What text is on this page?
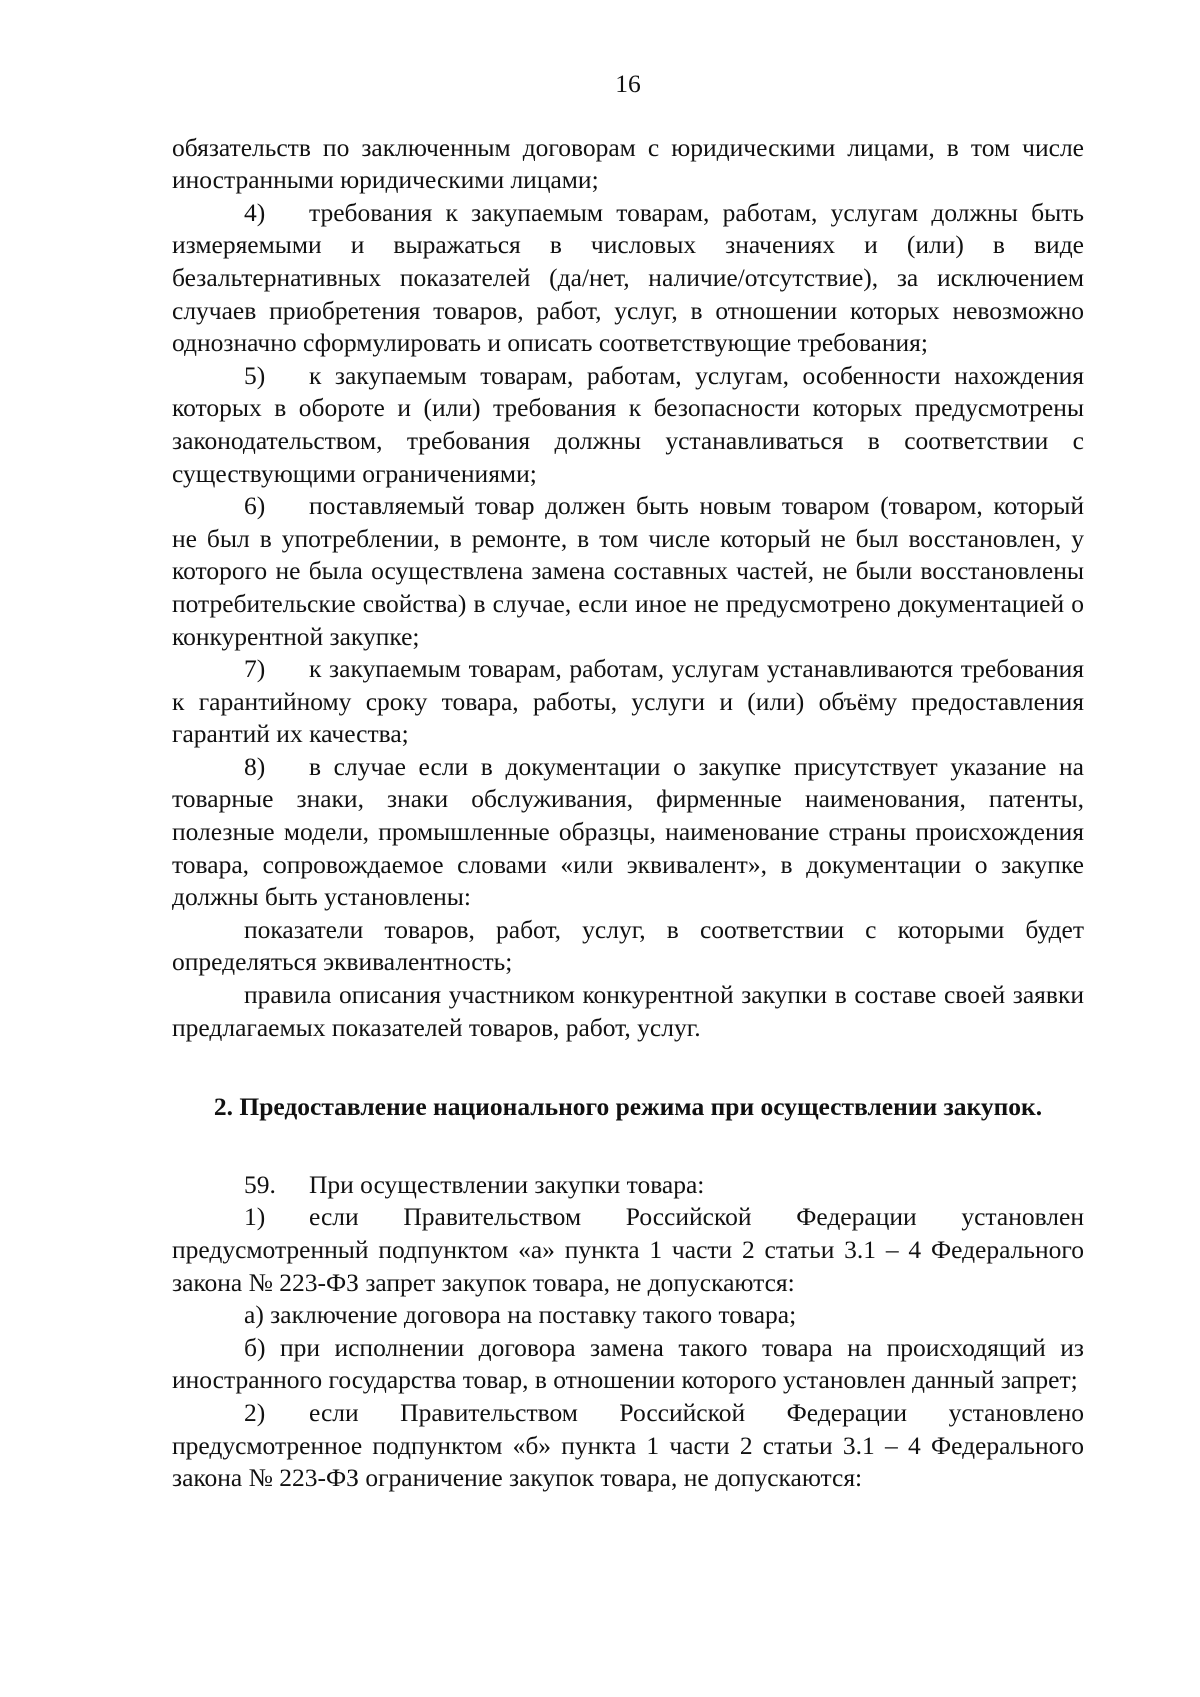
16

обязательств по заключенным договорам с юридическими лицами, в том числе иностранными юридическими лицами;

4) требования к закупаемым товарам, работам, услугам должны быть измеряемыми и выражаться в числовых значениях и (или) в виде безальтернативных показателей (да/нет, наличие/отсутствие), за исключением случаев приобретения товаров, работ, услуг, в отношении которых невозможно однозначно сформулировать и описать соответствующие требования;

5) к закупаемым товарам, работам, услугам, особенности нахождения которых в обороте и (или) требования к безопасности которых предусмотрены законодательством, требования должны устанавливаться в соответствии с существующими ограничениями;

6) поставляемый товар должен быть новым товаром (товаром, который не был в употреблении, в ремонте, в том числе который не был восстановлен, у которого не была осуществлена замена составных частей, не были восстановлены потребительские свойства) в случае, если иное не предусмотрено документацией о конкурентной закупке;

7) к закупаемым товарам, работам, услугам устанавливаются требования к гарантийному сроку товара, работы, услуги и (или) объёму предоставления гарантий их качества;

8) в случае если в документации о закупке присутствует указание на товарные знаки, знаки обслуживания, фирменные наименования, патенты, полезные модели, промышленные образцы, наименование страны происхождения товара, сопровождаемое словами «или эквивалент», в документации о закупке должны быть установлены:

показатели товаров, работ, услуг, в соответствии с которыми будет определяться эквивалентность;

правила описания участником конкурентной закупки в составе своей заявки предлагаемых показателей товаров, работ, услуг.

2. Предоставление национального режима при осуществлении закупок.

59. При осуществлении закупки товара:

1) если Правительством Российской Федерации установлен предусмотренный подпунктом «а» пункта 1 части 2 статьи 3.1 – 4 Федерального закона № 223-ФЗ запрет закупок товара, не допускаются:

а) заключение договора на поставку такого товара;

б) при исполнении договора замена такого товара на происходящий из иностранного государства товар, в отношении которого установлен данный запрет;

2) если Правительством Российской Федерации установлено предусмотренное подпунктом «б» пункта 1 части 2 статьи 3.1 – 4 Федерального закона № 223-ФЗ ограничение закупок товара, не допускаются:
